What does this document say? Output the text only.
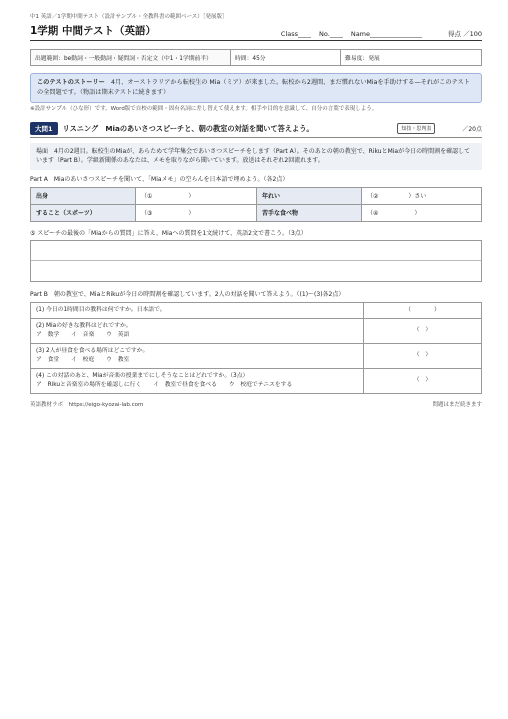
中1 英語／1学期中間テスト（設計サンプル・全教科書の範囲ベース）［発展版］
1学期 中間テスト（英語）	Class____ No.____ Name________________	得点 ／100
出題範囲：be動詞・一般動詞・疑問詞・否定文（中1・1学期前半）	時間：45分	難易度：発展
このテストのストーリー　 4月、オーストラリアから転校生の Mia（ミア）が来ました。転校から2週間、まだ慣れないMiaを手助けする—それがこのテストの全問題です。（物語は期末テストに続きます）
※設計サンプル（ひな形）です。Word版で自校の範囲・固有名詞に差し替えて使えます。相手や目的を意識して、自分の言葉で表現しよう。
大問1	リスニング　Miaのあいさつスピーチと、朝の教室の対話を聞いて答えよう。	知技・思判表	／20点
場面　4月の2週目。転校生のMiaが、あらためて学年集会であいさつスピーチをします（Part A）。そのあとの朝の教室で、RikuとMiaが今日の時間割を確認しています（Part B）。学級新聞係のあなたは、メモを取りながら聞いています。放送はそれぞれ2回流れます。
Part A　Miaのあいさつスピーチを聞いて、「Miaメモ」の空らんを日本語で埋めよう。（各2点）
出身	（①　　　　　　）	年れい	（②　　　　　）さい
すること（スポーツ）	（③　　　　　　）	苦手な食べ物	（④　　　　　　）
⑤ スピーチの最後の「Miaからの質問」に答え、Miaへの質問を1文続けて、英語2文で書こう。（3点）
Part B　朝の教室で、MiaとRikuが今日の時間割を確認しています。2人の対話を聞いて答えよう。（(1)〜(3)各2点）
(1) 今日の1時間目の教科は何ですか。日本語で。	（　　　　）

(2) Miaの好きな教科はどれですか。
ア　数学 イ　音楽 ウ　英語	（　）

(3) 2人が昼食を食べる場所はどこですか。
ア　食堂 イ　校庭 ウ　教室	（　）

(4) この対話のあと、Miaが音楽の授業までにしそうなことはどれですか。（3点）
ア　Rikuと音楽室の場所を確認しに行く イ　教室で昼食を食べる ウ　校庭でテニスをする	（　）
英語教材ラボ　https://eigo-kyozai-lab.com	問題はまだ続きます
